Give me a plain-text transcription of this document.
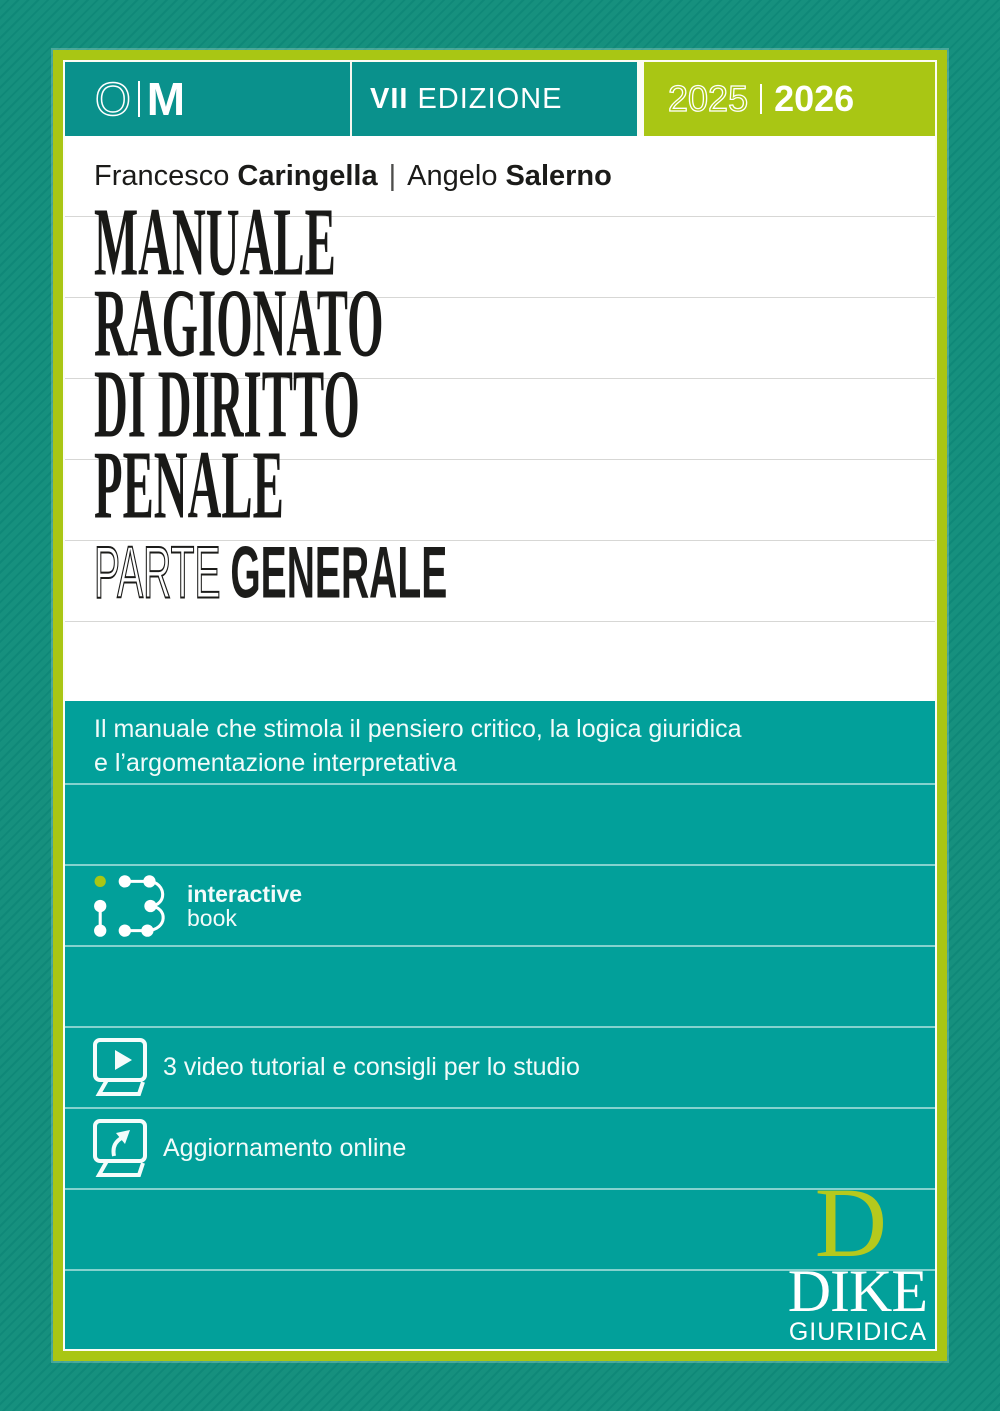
O M	VII EDIZIONE	2025 2026
Francesco Caringella | Angelo Salerno
MANUALE
RAGIONATO
DI DIRITTO
PENALE
PARTE GENERALE
Il manuale che stimola il pensiero critico, la logica giuridica
e l’argomentazione interpretativa
interactive
book
3 video tutorial e consigli per lo studio
Aggiornamento online
D
DIKE
GIURIDICA
